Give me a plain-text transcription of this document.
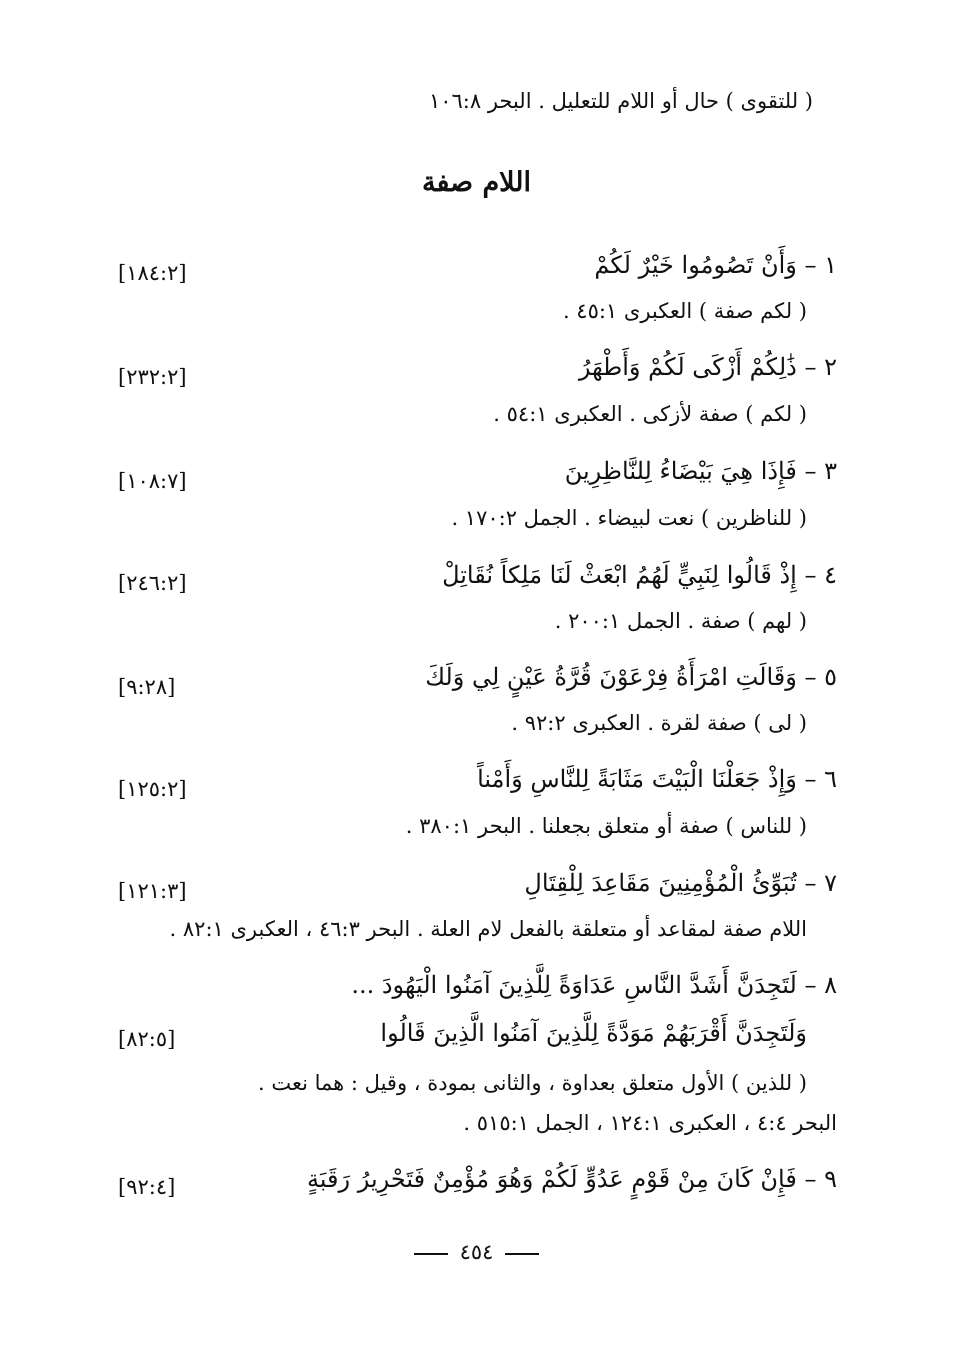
( للتقوى ) حال أو اللام للتعليل . البحر ١٠٦:٨
اللام صفة
١ – وَأَنْ تَصُومُوا خَيْرٌ لَكُمْ
[١٨٤:٢]
( لكم صفة ) العكبرى ٤٥:١ .
٢ – ذَٰلِكُمْ أَزْكَى لَكُمْ وَأَطْهَرُ
[٢٣٢:٢]
( لكم ) صفة لأزكى . العكبرى ٥٤:١ .
٣ – فَإِذَا هِيَ بَيْضَاءُ لِلنَّاظِرِينَ
[١٠٨:٧]
( للناظرين ) نعت لبيضاء . الجمل ١٧٠:٢ .
٤ – إِذْ قَالُوا لِنَبِيٍّ لَهُمُ ابْعَثْ لَنَا مَلِكاً نُقَاتِلْ
[٢٤٦:٢]
( لهم ) صفة . الجمل ٢٠٠:١ .
٥ – وَقَالَتِ امْرَأَةُ فِرْعَوْنَ قُرَّةُ عَيْنٍ لِي وَلَكَ
[٩:٢٨]
( لى ) صفة لقرة . العكبرى ٩٢:٢ .
٦ – وَإِذْ جَعَلْنَا الْبَيْتَ مَثَابَةً لِلنَّاسِ وَأَمْناً
[١٢٥:٢]
( للناس ) صفة أو متعلق بجعلنا . البحر ٣٨٠:١ .
٧ – تُبَوِّئُ الْمُؤْمِنِينَ مَقَاعِدَ لِلْقِتَالِ
[١٢١:٣]
اللام صفة لمقاعد أو متعلقة بالفعل لام العلة . البحر ٤٦:٣ ، العكبرى ٨٢:١ .
٨ – لَتَجِدَنَّ أَشَدَّ النَّاسِ عَدَاوَةً لِلَّذِينَ آمَنُوا الْيَهُودَ ...
وَلَتَجِدَنَّ أَقْرَبَهُمْ مَوَدَّةً لِلَّذِينَ آمَنُوا الَّذِينَ قَالُوا
[٨٢:٥]
( للذين ) الأول متعلق بعداوة ، والثانى بمودة ، وقيل : هما نعت .
البحر ٤:٤ ، العكبرى ١٢٤:١ ، الجمل ٥١٥:١ .
٩ – فَإِنْ كَانَ مِنْ قَوْمٍ عَدُوٍّ لَكُمْ وَهُوَ مُؤْمِنٌ فَتَحْرِيرُ رَقَبَةٍ
[٩٢:٤]
٤٥٤
